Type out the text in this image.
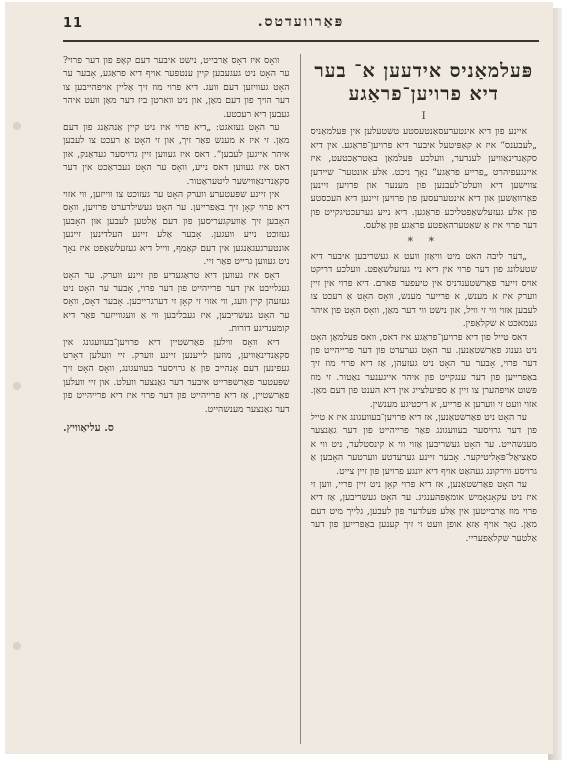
11	פּאַרוועדטס.
פּעלמאַניס אידעען א־ בער דיא פרויען־פראַגע
I

איינע פון דיא אינטערעסאַנטעסטע טשטעלען אין פּעלמאַניס „לעבענס“ איז א קאַפּיטעל איבער דיא פרויען־פראַגע. אין דיא סקאַנדינאַוויען לענדער, וועלכע פּעלמאַן באַטראַכטעט, איז איינגעפיהרט „פרייע פראַגע“ נאָך ניכט. אלע אונטער־ שיידען צווישען דיא וועלט־לעבנען פון מענער און פרויען זיינען פאַרוואַשען און דיא אינטערעסען פון פרויען זיינען דיא העכסטע פון אלע געזעלשאַפטליכע פראַגען. דיא נייע גערעכטיגקייט פון דער פרוי איז אַ שאַטערהאַפטע פראַגע פון אַלעס.

* *

„דער ליבה האט מיט וויאַזן וועט א געשריבען איבער דיא שטעלונג פון דער פרוי אין דיא ניי געזעלשאַפט. וועלכע דריקט אויס זייער פאַרשטענדניס אין טיעפער פארם. דיא פרוי אין זיין ווערק איז א מענש, א פרייער מענש, וואָס האָט אַ רעכט צו לעבען אזוי ווי זי וויל, און נישט ווי דער מאַן, וואָס האָט פון איהר געמאכט א שקלאַפין.

דאס טייל פון דיא פרויען־פראַגע איז דאס, וואס פעלמאַן האָט ניט גענוג פאַרשטאַנען. ער האָט גערעדט פון דער פרייהייט פון דער פרוי, אָבער ער האָט ניט געזעהן, אַז דיא פרוי מוז זיך באַפרייען פון דער ענגקייט פון איהר אייגענער נאַטור. זי מוז פּשוט אויפהערן צו זיין אַ ספּיעלצייג אין דיא הענט פון דעם מאַן. אזוי וועט זי ווערען א פרייע, א ריכטיגע מענשין.

ער האָט ניט פאַרשטאַנען, אז דיא פרויען־בעוועגונג איז א טייל פון דער גרויסער בעוועגונג פאַר פרייהייט פון דער גאַנצער מענשהייט. ער האָט געשריבען אַזוי ווי א קינסטלער, ניט ווי א סאַציאַל־פּאָליטיקער. אָבער זיינע גערעדטע ווערטער האָבען אַ גרויסע ווירקונג געהאַט אויף דיא יונגע פרויען פון זיין צייט.

ער האָט פאַרשטאַנען, אז דיא פרוי קאָן ניט זיין פריי, ווען זי איז ניט עקאָנאָמיש אומאָפּהענגיג. ער האָט געשריבען, אַז דיא פרוי מוז אַרבייטען אין אַלע פעלדער פון לעבען, גלייך מיט דעם מאַן. נאָר אויף אַזאַ אופן וועט זי זיך קענען באַפרייען פון דער אַלטער שקלאַפעריי.

וואָס איז דאָס אַרבייט, נישט איבער דעם קאָפּ פון דער פרוי? ער האָט ניט געגעבען קיין ענטפער אויף דיא פראַגע, אָבער ער האָט געוויזען דעם וועג. דיא פרוי מוז זיך אַליין אויפהייבען צו דער הויך פון דעם מאַן, און ניט ווארטן ביז דער מאַן וועט איהר געבען דיא רעכטע.

ער האָט געזאגט: „דיא פרוי איז ניט קיין אַנהאַנג פון דעם מאַן. זי איז א מענש פאַר זיך, און זי האָט אַ רעכט צו לעבען איהר אייגען לעבען“. דאס איז געווען זיין גרויסער געדאַנק, און דאס איז געווען דאס נייע, וואָס ער האָט געבראַכט אין דער סקאַנדינאַווישער ליטעראַטור.

אין זיינע שפּעטערע ווערק האָט ער געזוכט צו ווייזען, ווי אזוי דיא פרוי קאָן זיך באַפרייען. ער האָט געשילדערט פרויען, וואָס האָבען זיך אַוועקגעריסען פון דעם אַלטען לעבען און האָבען געזוכט נייע וועגען. אָבער אַלע זיינע העלדינען זיינען אונטערגעגאַנגען אין דעם קאַמף, ווייל דיא געזעלשאַפט איז נאָך ניט געווען גרייט פאַר זיי.

דאָס איז געווען דיא טראַגעדיע פון זיינע ווערק. ער האָט געגלייבט אין דער פרייהייט פון דער פרוי, אָבער ער האָט ניט געזעהן קיין וועג, ווי אזוי זי קאָן זי דערגרייכען. אָבער דאָס, וואָס ער האָט געשריבען, איז געבליבען ווי אַ וועגווייזער פאַר דיא קומענדיגע דורות.

דיא וואָס ווילען פאַרשטיין דיא פרויען־בעוועגונג אין סקאַנדינאַוויען, מוזען לייענען זיינע ווערק. זיי וועלען דאָרט געפינען דעם אָנהייב פון אַ גרויסער בעוועגונג, וואָס האָט זיך שפּעטער פאַרשפּרייט איבער דער גאַנצער וועלט. און זיי וועלען פאַרשטיין, אַז דיא פרייהייט פון דער פרוי איז דיא פרייהייט פון דער גאַנצער מענשהייט.

ס. עליאַוויץ.
